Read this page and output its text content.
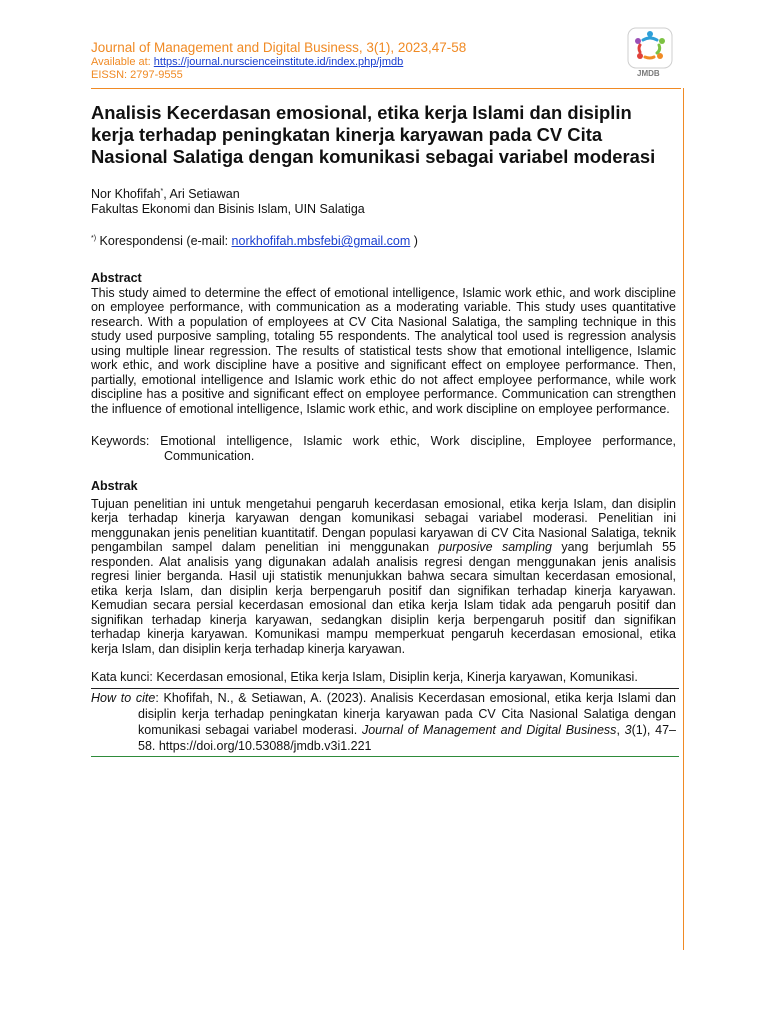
Journal of Management and Digital Business, 3(1), 2023,47-58
Available at: https://journal.nurscienceinstitute.id/index.php/jmdb
EISSN: 2797-9555	JMDB
Analisis Kecerdasan emosional, etika kerja Islami dan disiplin kerja terhadap peningkatan kinerja karyawan pada CV Cita Nasional Salatiga dengan komunikasi sebagai variabel moderasi
Nor Khofifah*, Ari Setiawan
Fakultas Ekonomi dan Bisinis Islam, UIN Salatiga
*) Korespondensi (e-mail: norkhofifah.mbsfebi@gmail.com )
Abstract
This study aimed to determine the effect of emotional intelligence, Islamic work ethic, and work discipline on employee performance, with communication as a moderating variable. This study uses quantitative research. With a population of employees at CV Cita Nasional Salatiga, the sampling technique in this study used purposive sampling, totaling 55 respondents. The analytical tool used is regression analysis using multiple linear regression. The results of statistical tests show that emotional intelligence, Islamic work ethic, and work discipline have a positive and significant effect on employee performance. Then, partially, emotional intelligence and Islamic work ethic do not affect employee performance, while work discipline has a positive and significant effect on employee performance. Communication can strengthen the influence of emotional intelligence, Islamic work ethic, and work discipline on employee performance.
Keywords: Emotional intelligence, Islamic work ethic, Work discipline, Employee performance, Communication.
Abstrak
Tujuan penelitian ini untuk mengetahui pengaruh kecerdasan emosional, etika kerja Islam, dan disiplin kerja terhadap kinerja karyawan dengan komunikasi sebagai variabel moderasi. Penelitian ini menggunakan jenis penelitian kuantitatif. Dengan populasi karyawan di CV Cita Nasional Salatiga, teknik pengambilan sampel dalam penelitian ini menggunakan purposive sampling yang berjumlah 55 responden. Alat analisis yang digunakan adalah analisis regresi dengan menggunakan jenis analisis regresi linier berganda. Hasil uji statistik menunjukkan bahwa secara simultan kecerdasan emosional, etika kerja Islam, dan disiplin kerja berpengaruh positif dan signifikan terhadap kinerja karyawan. Kemudian secara persial kecerdasan emosional dan etika kerja Islam tidak ada pengaruh positif dan signifikan terhadap kinerja karyawan, sedangkan disiplin kerja berpengaruh positif dan signifikan terhadap kinerja karyawan. Komunikasi mampu memperkuat pengaruh kecerdasan emosional, etika kerja Islam, dan disiplin kerja terhadap kinerja karyawan.
Kata kunci: Kecerdasan emosional, Etika kerja Islam, Disiplin kerja, Kinerja karyawan, Komunikasi.
How to cite: Khofifah, N., & Setiawan, A. (2023). Analisis Kecerdasan emosional, etika kerja Islami dan disiplin kerja terhadap peningkatan kinerja karyawan pada CV Cita Nasional Salatiga dengan komunikasi sebagai variabel moderasi. Journal of Management and Digital Business, 3(1), 47–58. https://doi.org/10.53088/jmdb.v3i1.221
